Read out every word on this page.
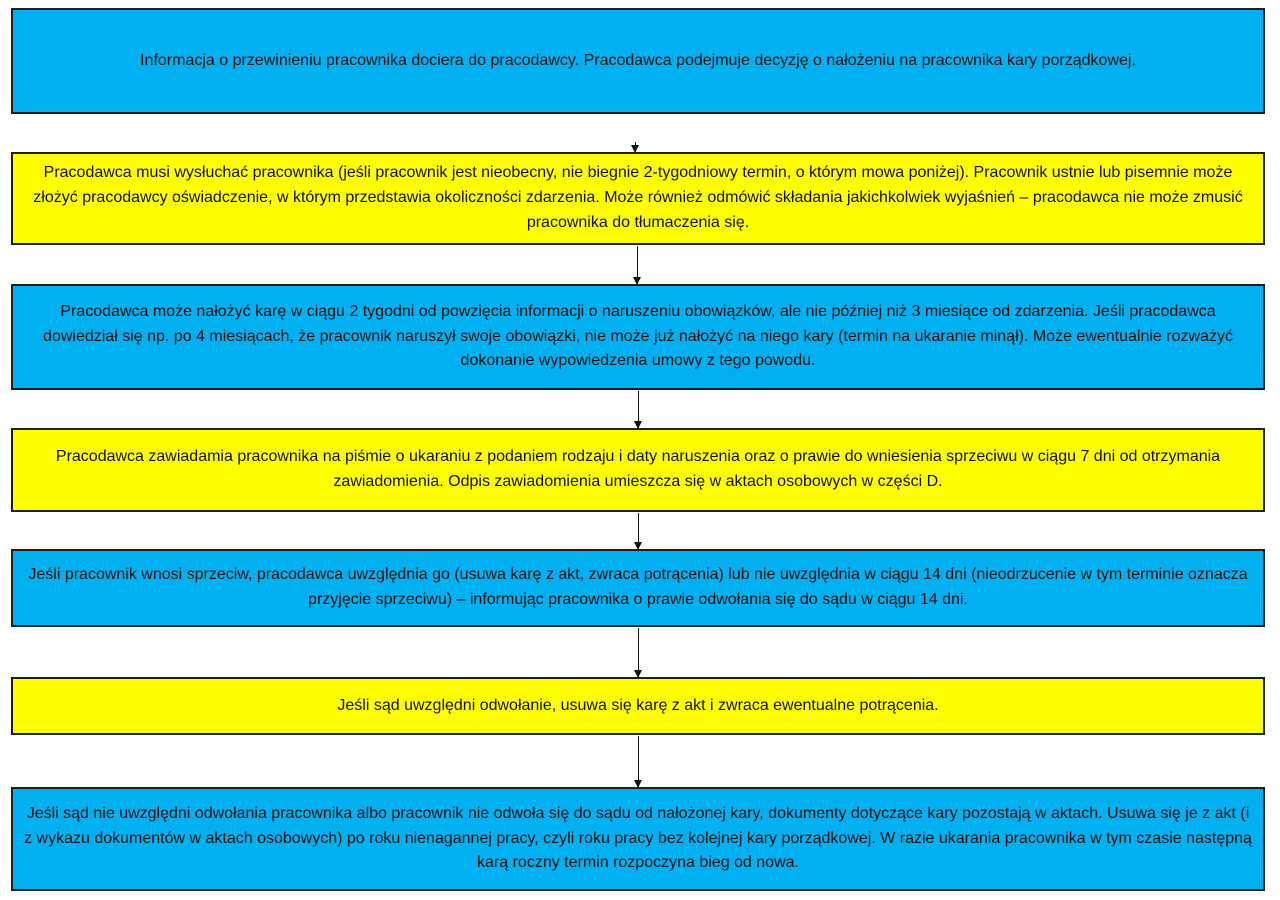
Informacja o przewinieniu pracownika dociera do pracodawcy. Pracodawca podejmuje decyzję o nałożeniu na pracownika kary porządkowej.
Pracodawca musi wysłuchać pracownika (jeśli pracownik jest nieobecny, nie biegnie 2-tygodniowy termin, o którym mowa poniżej). Pracownik ustnie lub pisemnie może złożyć pracodawcy oświadczenie, w którym przedstawia okoliczności zdarzenia. Może również odmówić składania jakichkolwiek wyjaśnień – pracodawca nie może zmusić pracownika do tłumaczenia się.
Pracodawca może nałożyć karę w ciągu 2 tygodni od powzięcia informacji o naruszeniu obowiązków, ale nie później niż 3 miesiące od zdarzenia. Jeśli pracodawca dowiedział się np. po 4 miesiącach, że pracownik naruszył swoje obowiązki, nie może już nałożyć na niego kary (termin na ukaranie minął). Może ewentualnie rozważyć dokonanie wypowiedzenia umowy z tego powodu.
Pracodawca zawiadamia pracownika na piśmie o ukaraniu z podaniem rodzaju i daty naruszenia oraz o prawie do wniesienia sprzeciwu w ciągu 7 dni od otrzymania zawiadomienia. Odpis zawiadomienia umieszcza się w aktach osobowych w części D.
Jeśli pracownik wnosi sprzeciw, pracodawca uwzględnia go (usuwa karę z akt, zwraca potrącenia) lub nie uwzględnia w ciągu 14 dni (nieodrzucenie w tym terminie oznacza przyjęcie sprzeciwu) – informując pracownika o prawie odwołania się do sądu w ciągu 14 dni.
Jeśli sąd uwzględni odwołanie, usuwa się karę z akt i zwraca ewentualne potrącenia.
Jeśli sąd nie uwzględni odwołania pracownika albo pracownik nie odwoła się do sądu od nałożonej kary, dokumenty dotyczące kary pozostają w aktach. Usuwa się je z akt (i z wykazu dokumentów w aktach osobowych) po roku nienagannej pracy, czyli roku pracy bez kolejnej kary porządkowej. W razie ukarania pracownika w tym czasie następną karą roczny termin rozpoczyna bieg od nowa.
